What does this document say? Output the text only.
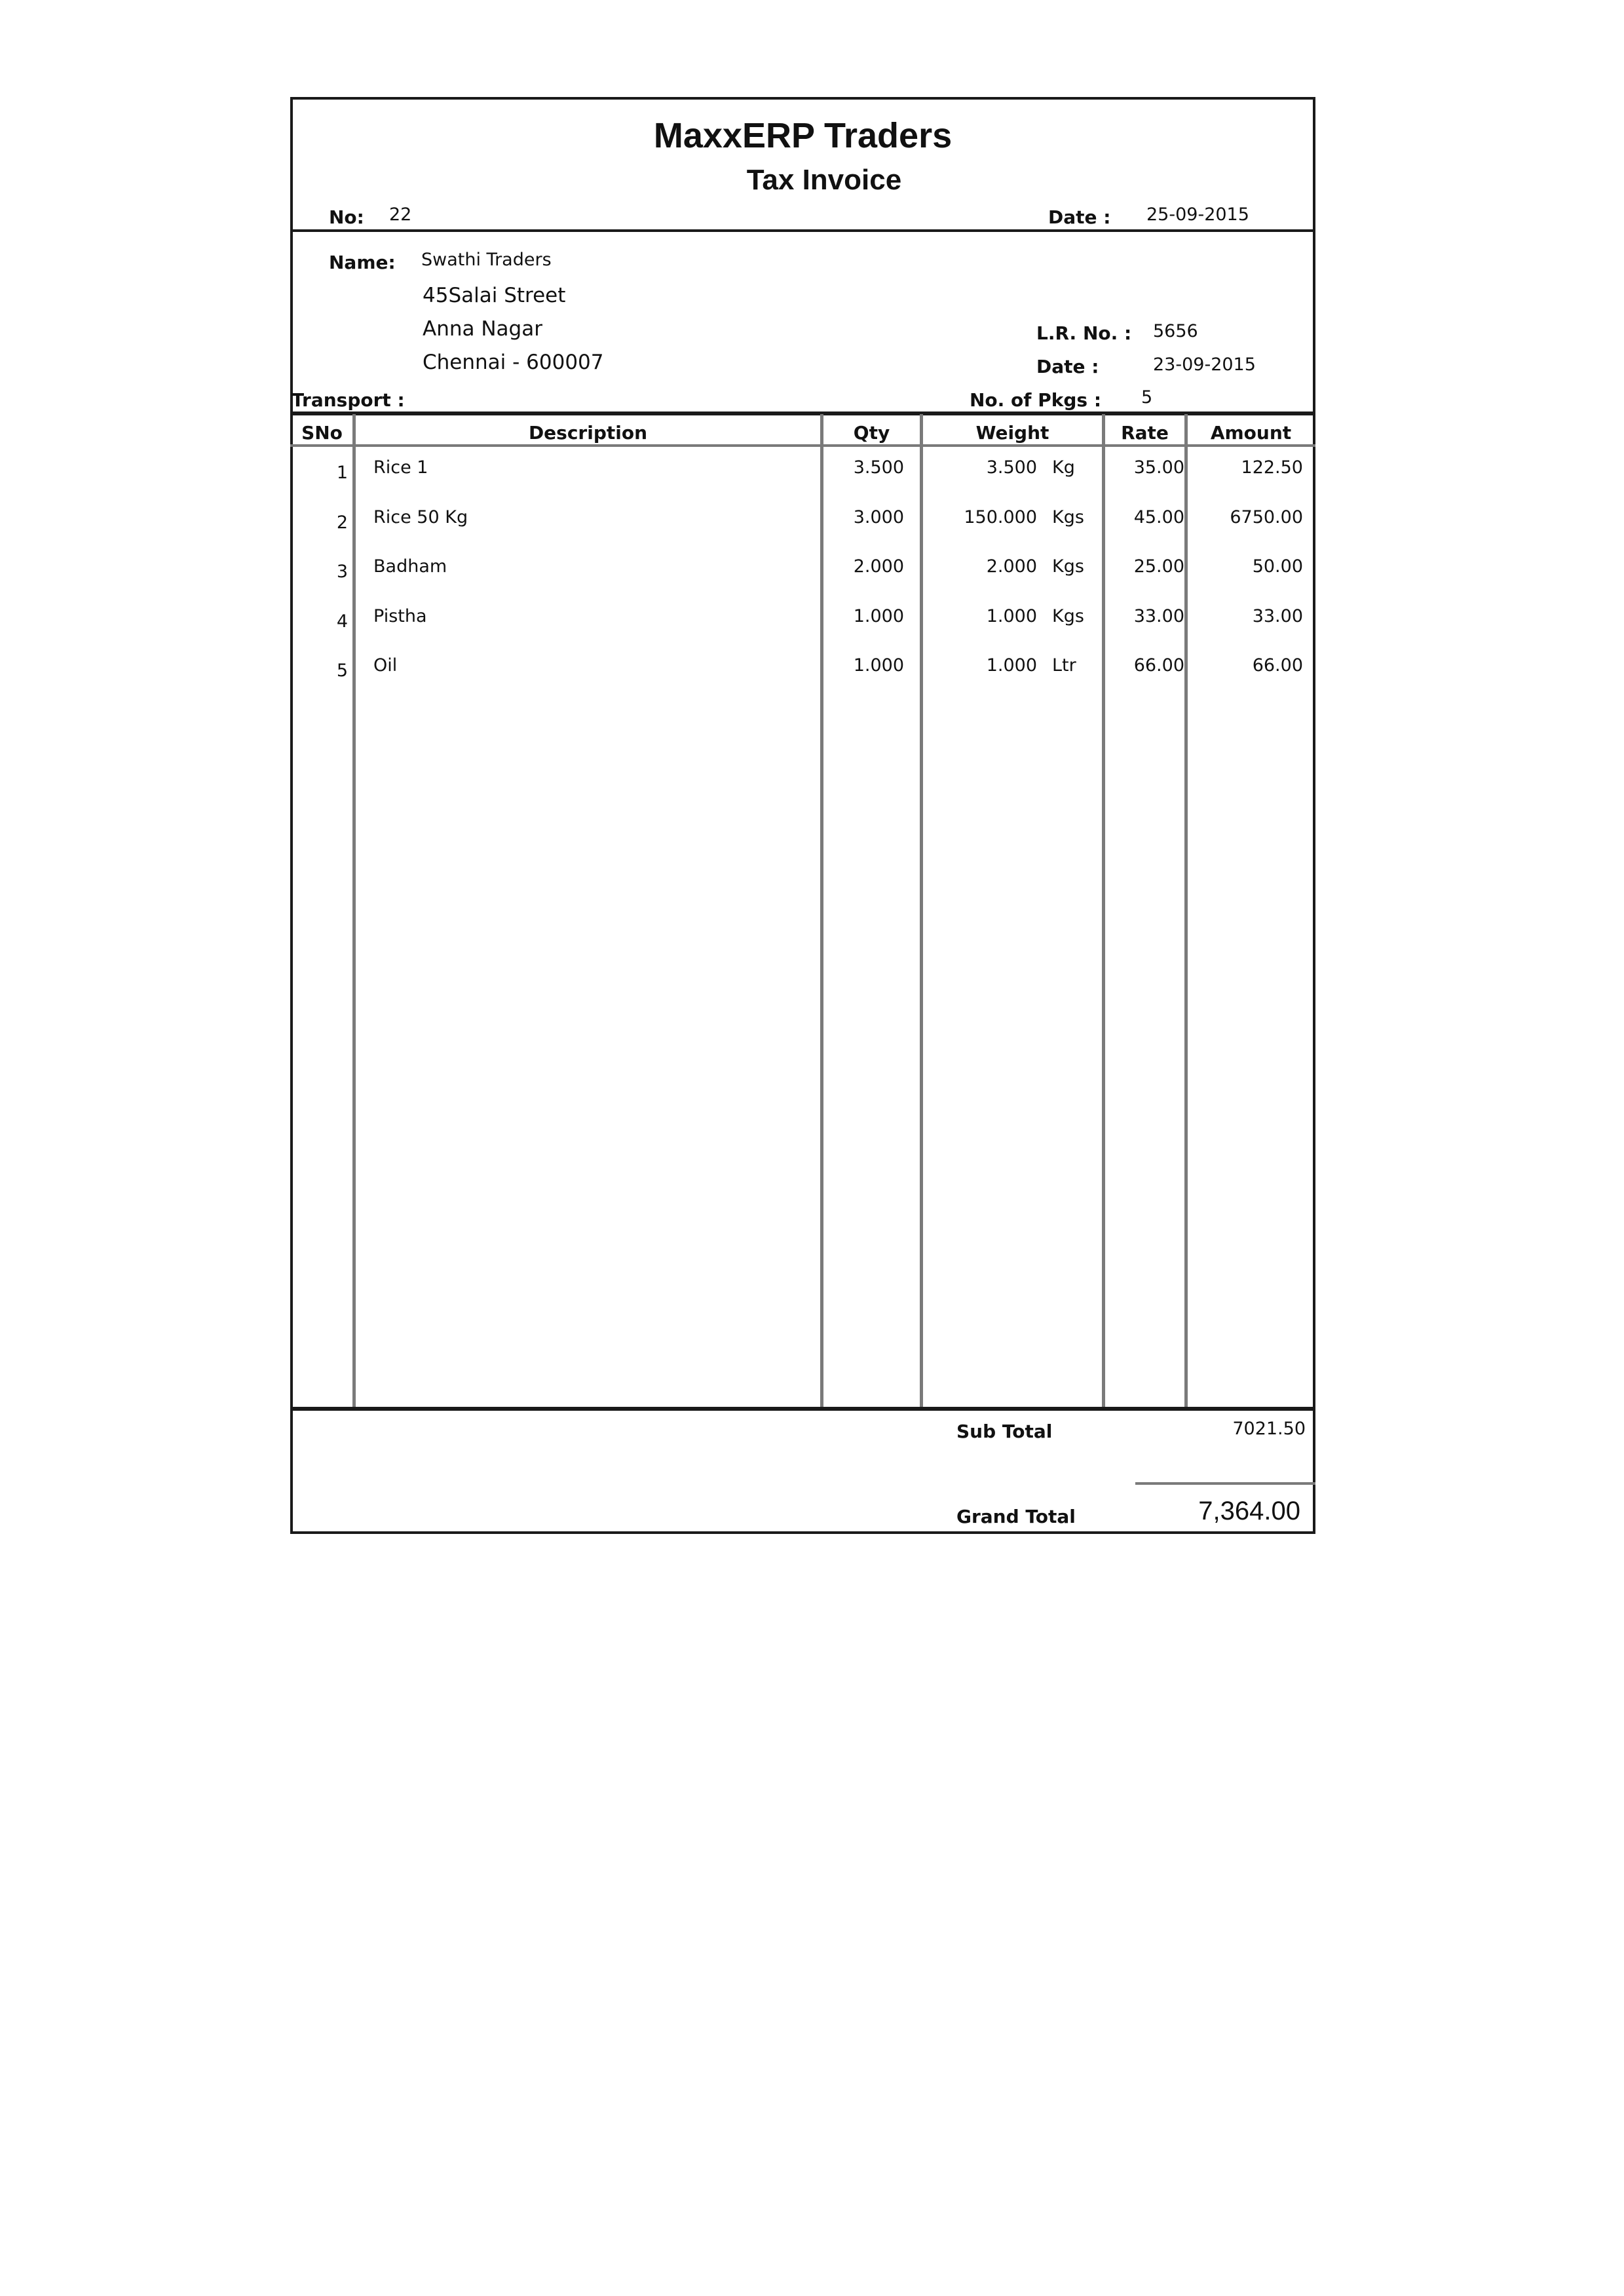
MaxxERP Traders
Tax Invoice
No: 22	Date : 25-09-2015
Name: Swathi Traders
45Salai Street
Anna Nagar
Chennai - 600007
L.R. No. : 5656
Date :	23-09-2015
Transport :	No. of Pkgs : 5
SNo	Description	Qty	Weight	Rate	Amount
1 Rice 1	3.500	3.500 Kg	35.00	122.50
2 Rice 50 Kg	3.000	150.000 Kgs	45.00	6750.00
3 Badham	2.000	2.000 Kgs	25.00	50.00
4 Pistha	1.000	1.000 Kgs	33.00	33.00
5 Oil	1.000	1.000 Ltr	66.00	66.00
Sub Total	7021.50
Grand Total	7,364.00
